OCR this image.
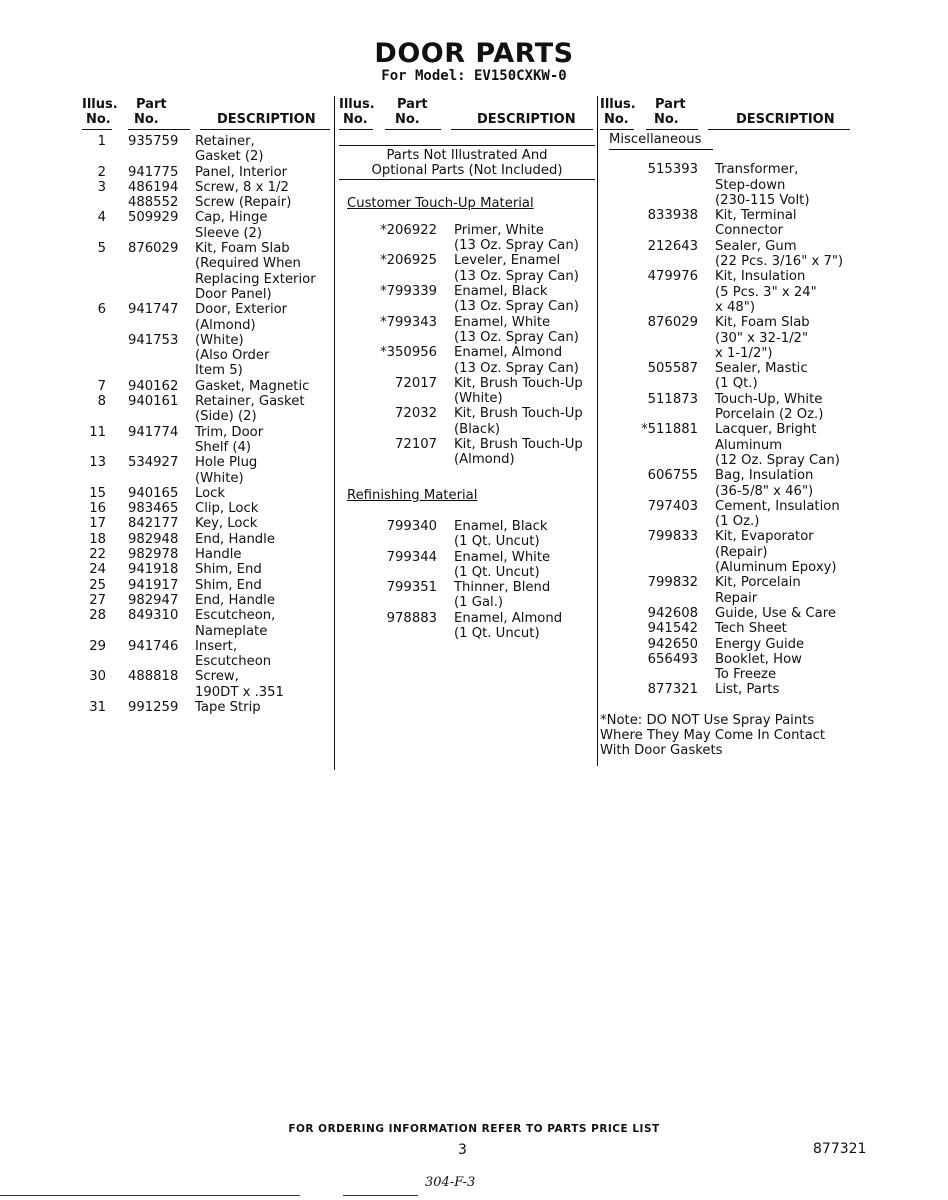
DOOR PARTS
For Model: EV150CXKW-0
Illus.
No.
Part
No.	DESCRIPTION
1 935759 Retainer,
Gasket (2)
2 941775 Panel, Interior
3 486194 Screw, 8 x 1/2
488552 Screw (Repair)
4 509929 Cap, Hinge
Sleeve (2)
5 876029 Kit, Foam Slab
(Required When
Replacing Exterior
Door Panel)
6 941747 Door, Exterior
(Almond)
941753 (White)
(Also Order
Item 5)
7 940162 Gasket, Magnetic
8 940161 Retainer, Gasket
(Side) (2)
11 941774 Trim, Door
Shelf (4)
13 534927 Hole Plug
(White)
15 940165 Lock
16 983465 Clip, Lock
17 842177 Key, Lock
18 982948 End, Handle
22 982978 Handle
24 941918 Shim, End
25 941917 Shim, End
27 982947 End, Handle
28 849310 Escutcheon,
Nameplate
29 941746 Insert,
Escutcheon
30 488818 Screw,
190DT x .351
31 991259 Tape Strip
Illus.
No.
Part
No.	DESCRIPTION
Parts Not Illustrated And
Optional Parts (Not Included)
Customer Touch-Up Material
*206922 Primer, White
(13 Oz. Spray Can)
*206925 Leveler, Enamel
(13 Oz. Spray Can)
*799339 Enamel, Black
(13 Oz. Spray Can)
*799343 Enamel, White
(13 Oz. Spray Can)
*350956 Enamel, Almond
(13 Oz. Spray Can)
72017 Kit, Brush Touch-Up
(White)
72032 Kit, Brush Touch-Up
(Black)
72107 Kit, Brush Touch-Up
(Almond)
Refinishing Material
799340 Enamel, Black
(1 Qt. Uncut)
799344 Enamel, White
(1 Qt. Uncut)
799351 Thinner, Blend
(1 Gal.)
978883 Enamel, Almond
(1 Qt. Uncut)
Illus.
No.
Part
No.	DESCRIPTION
Miscellaneous
515393 Transformer,
Step-down
(230-115 Volt)
833938 Kit, Terminal
Connector
212643 Sealer, Gum
(22 Pcs. 3/16" x 7")
479976 Kit, Insulation
(5 Pcs. 3" x 24"
x 48")
876029 Kit, Foam Slab
(30" x 32-1/2"
x 1-1/2")
505587 Sealer, Mastic
(1 Qt.)
511873 Touch-Up, White
Porcelain (2 Oz.)
*511881 Lacquer, Bright
Aluminum
(12 Oz. Spray Can)
606755 Bag, Insulation
(36-5/8" x 46")
797403 Cement, Insulation
(1 Oz.)
799833 Kit, Evaporator
(Repair)
(Aluminum Epoxy)
799832 Kit, Porcelain
Repair
942608 Guide, Use & Care
941542 Tech Sheet
942650 Energy Guide
656493 Booklet, How
To Freeze
877321 List, Parts
*Note: DO NOT Use Spray Paints
Where They May Come In Contact
With Door Gaskets
FOR ORDERING INFORMATION REFER TO PARTS PRICE LIST
3	877321
304-F-3
